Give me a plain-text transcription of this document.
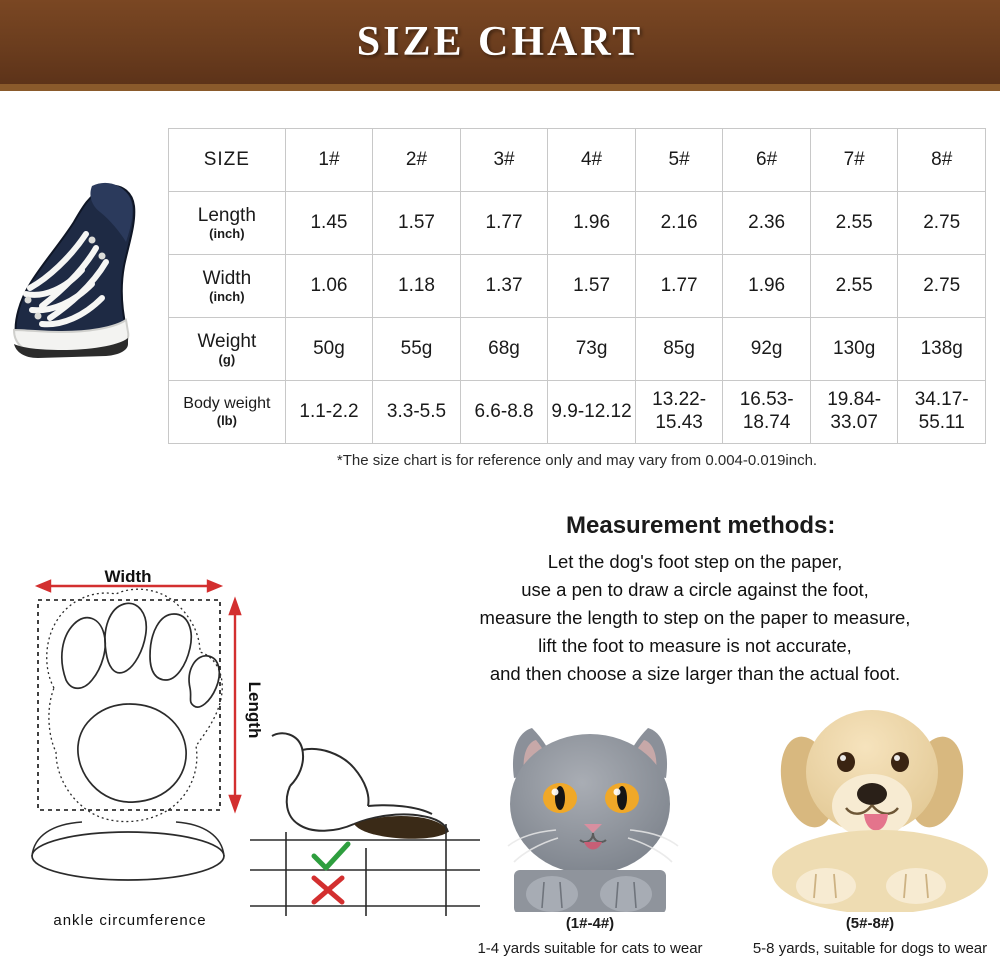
SIZE CHART
SIZE	1#	2#	3#	4#	5#	6#	7#	8#
Length
(inch)	1.45	1.57	1.77	1.96	2.16	2.36	2.55	2.75
Width
(inch)	1.06	1.18	1.37	1.57	1.77	1.96	2.55	2.75
Weight
(g)	50g	55g	68g	73g	85g	92g	130g	138g
Body weight
(lb)	1.1-2.2	3.3-5.5	6.6-8.8	9.9-12.12	13.22-15.43	16.53-18.74	19.84-33.07	34.17-55.11
*The size chart is for reference only and may vary from 0.004-0.019inch.
Measurement methods:
Let the dog's foot step on the paper,
use a pen to draw a circle against the foot,
measure the length to step on the paper to measure,
lift the foot to measure is not accurate,
and then choose a size larger than the actual foot.
Width
Length
ankle circumference	(1#-4#)
1-4 yards suitable for cats to wear
(5#-8#)
5-8 yards, suitable for dogs to wear
